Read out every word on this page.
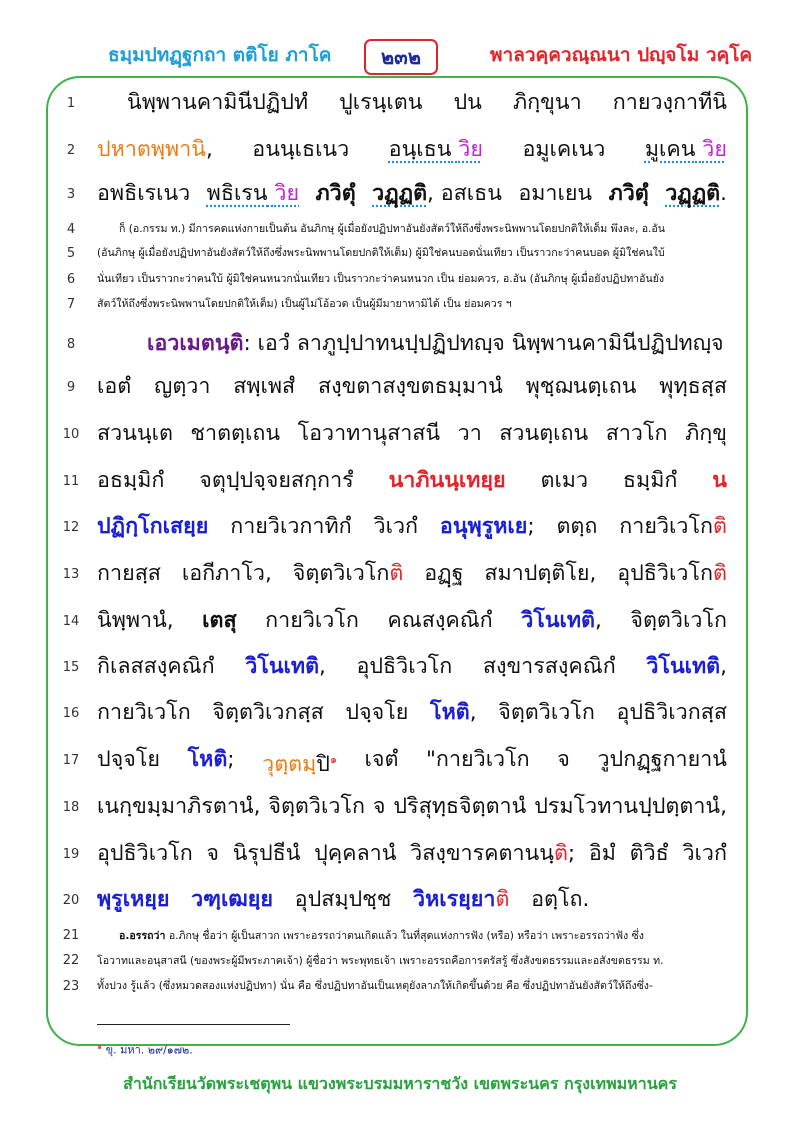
ธมฺมปทฏฺฐกถา ตติโย ภาโค	๒๓๒	พาลวคฺควณฺณนา ปญฺจโม วคฺโค
1
2
3
4
5
6
7
8
9
10
11
12
13
14
15
16
17
18
19
20
21
22
23
นิพฺพานคามินีปฏิปทํ ปูเรนฺเตน ปน ภิกฺขุนา กายวงฺกาทีนิ
ปหาตพฺพานิ, อนนฺเธเนว อนฺเธน วิย อมูเคเนว มูเคน วิย
อพธิเรเนว พธิเรน วิย ภวิตุํ วฏฺฏติ, อสเธน อมาเยน ภวิตุํ วฏฺฏติ.
ก็ (อ.กรรม ท.) มีการคดแห่งกายเป็นต้น อันภิกษุ ผู้เมื่อยังปฏิปทาอันยังสัตว์ให้ถึงซึ่งพระนิพพานโดยปกติให้เต็ม พึงละ, อ.อัน
(อันภิกษุ ผู้เมื่อยังปฏิปทาอันยังสัตว์ให้ถึงซึ่งพระนิพพานโดยปกติให้เต็ม) ผู้มิใช่คนบอดนั่นเทียว เป็นราวกะว่าคนบอด ผู้มิใช่คนใบ้
นั่นเทียว เป็นราวกะว่าคนใบ้ ผู้มิใช่คนหนวกนั่นเทียว เป็นราวกะว่าคนหนวก เป็น ย่อมควร, อ.อัน (อันภิกษุ ผู้เมื่อยังปฏิปทาอันยัง
สัตว์ให้ถึงซึ่งพระนิพพานโดยปกติให้เต็ม) เป็นผู้ไม่โอ้อวด เป็นผู้มีมายาหามิได้ เป็น ย่อมควร ฯ
เอวเมตนฺติ: เอวํ ลาภูปฺปาทนปฺปฏิปทญฺจ นิพฺพานคามินีปฏิปทญฺจ
เอตํ ญตฺวา สพฺเพสํ สงฺขตาสงฺขตธมฺมานํ พุชฺฌนตฺเถน พุทฺธสฺส
สวนนฺเต ชาตตฺเถน โอวาทานุสาสนี วา สวนตฺเถน สาวโก ภิกฺขุ
อธมฺมิกํ จตุปฺปจฺจยสกฺการํ นาภินนฺเทยฺย ตเมว ธมฺมิกํ น
ปฏิกฺโกเสยฺย กายวิเวกาทิกํ วิเวกํ อนุพฺรูหเย; ตตฺถ กายวิเวโกติ
กายสฺส เอกีภาโว, จิตฺตวิเวโกติ อฏฺฐ สมาปตฺติโย, อุปธิวิเวโกติ
นิพฺพานํ, เตสุ กายวิเวโก คณสงฺคณิกํ วิโนเทติ, จิตฺตวิเวโก
กิเลสสงฺคณิกํ วิโนเทติ, อุปธิวิเวโก สงฺขารสงฺคณิกํ วิโนเทติ,
กายวิเวโก จิตฺตวิเวกสฺส ปจฺจโย โหติ, จิตฺตวิเวโก อุปธิวิเวกสฺส
ปจฺจโย โหติ; วุตฺตมฺปิ$^๑$ เจตํ "กายวิเวโก จ วูปกฏฺฐกายานํ
เนกฺขมฺมาภิรตานํ, จิตฺตวิเวโก จ ปริสุทฺธจิตฺตานํ ปรมโวทานปฺปตฺตานํ,
อุปธิวิเวโก จ นิรุปธีนํ ปุคฺคลานํ วิสงฺขารคตานนฺติ; อิมํ ติวิธํ วิเวกํ
พฺรูเหยฺย วฑฺเฒยฺย อุปสมฺปชฺช วิหเรยฺยาติ อตฺโถ.
อ.อรรถว่า อ.ภิกษุ ชื่อว่า ผู้เป็นสาวก เพราะอรรถว่าตนเกิดแล้ว ในที่สุดแห่งการฟัง (หรือ) หรือว่า เพราะอรรถว่าฟัง ซึ่ง
โอวาทและอนุสาสนี (ของพระผู้มีพระภาคเจ้า) ผู้ชื่อว่า พระพุทธเจ้า เพราะอรรถคือการตรัสรู้ ซึ่งสังขตธรรมและอสังขตธรรม ท.
ทั้งปวง รู้แล้ว (ซึ่งหมวดสองแห่งปฏิปทา) นั่น คือ ซึ่งปฏิปทาอันเป็นเหตุยังลาภให้เกิดขึ้นด้วย คือ ซึ่งปฏิปทาอันยังสัตว์ให้ถึงซึ่ง-
$^๑$ ขุ. มหา. ๒๙/๑๗๒.
สำนักเรียนวัดพระเชตุพน แขวงพระบรมมหาราชวัง เขตพระนคร กรุงเทพมหานคร
